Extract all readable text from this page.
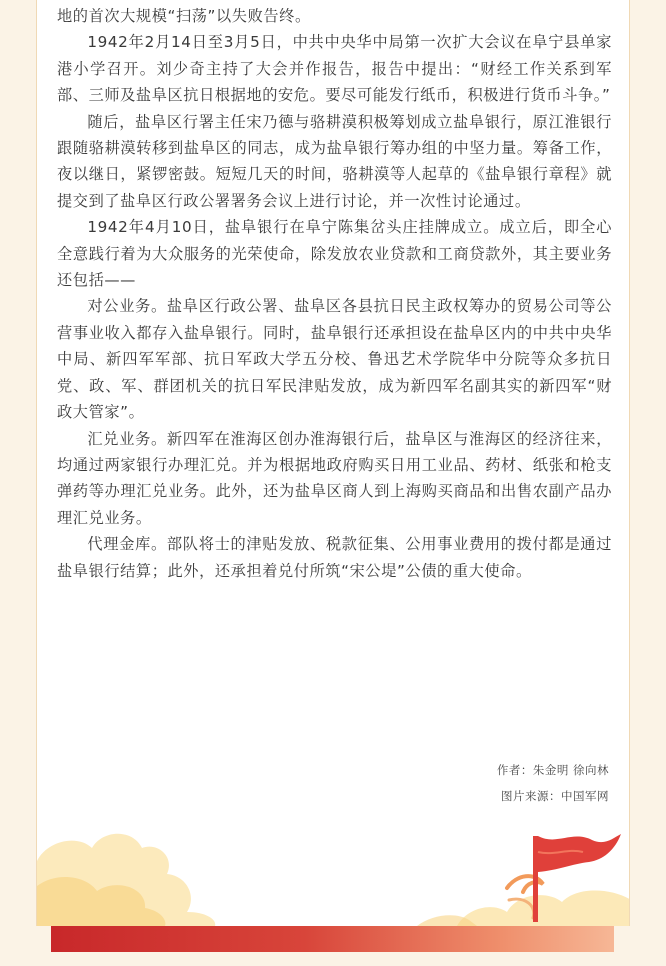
地的首次大规模“扫荡”以失败告终。

1942年2月14日至3月5日，中共中央华中局第一次扩大会议在阜宁县单家港小学召开。刘少奇主持了大会并作报告，报告中提出：“财经工作关系到军部、三师及盐阜区抗日根据地的安危。要尽可能发行纸币，积极进行货币斗争。”

随后，盐阜区行署主任宋乃德与骆耕漠积极筹划成立盐阜银行，原江淮银行跟随骆耕漠转移到盐阜区的同志，成为盐阜银行筹办组的中坚力量。筹备工作，夜以继日，紧锣密鼓。短短几天的时间，骆耕漠等人起草的《盐阜银行章程》就提交到了盐阜区行政公署署务会议上进行讨论，并一次性讨论通过。

1942年4月10日，盐阜银行在阜宁陈集岔头庄挂牌成立。成立后，即全心全意践行着为大众服务的光荣使命，除发放农业贷款和工商贷款外，其主要业务还包括——

对公业务。盐阜区行政公署、盐阜区各县抗日民主政权筹办的贸易公司等公营事业收入都存入盐阜银行。同时，盐阜银行还承担设在盐阜区内的中共中央华中局、新四军军部、抗日军政大学五分校、鲁迅艺术学院华中分院等众多抗日党、政、军、群团机关的抗日军民津贴发放，成为新四军名副其实的新四军“财政大管家”。

汇兑业务。新四军在淮海区创办淮海银行后，盐阜区与淮海区的经济往来，均通过两家银行办理汇兑。并为根据地政府购买日用工业品、药材、纸张和枪支弹药等办理汇兑业务。此外，还为盐阜区商人到上海购买商品和出售农副产品办理汇兑业务。

代理金库。部队将士的津贴发放、税款征集、公用事业费用的拨付都是通过盐阜银行结算；此外，还承担着兑付所筑“宋公堤”公债的重大使命。

作者：朱金明 徐向林
图片来源：中国军网
